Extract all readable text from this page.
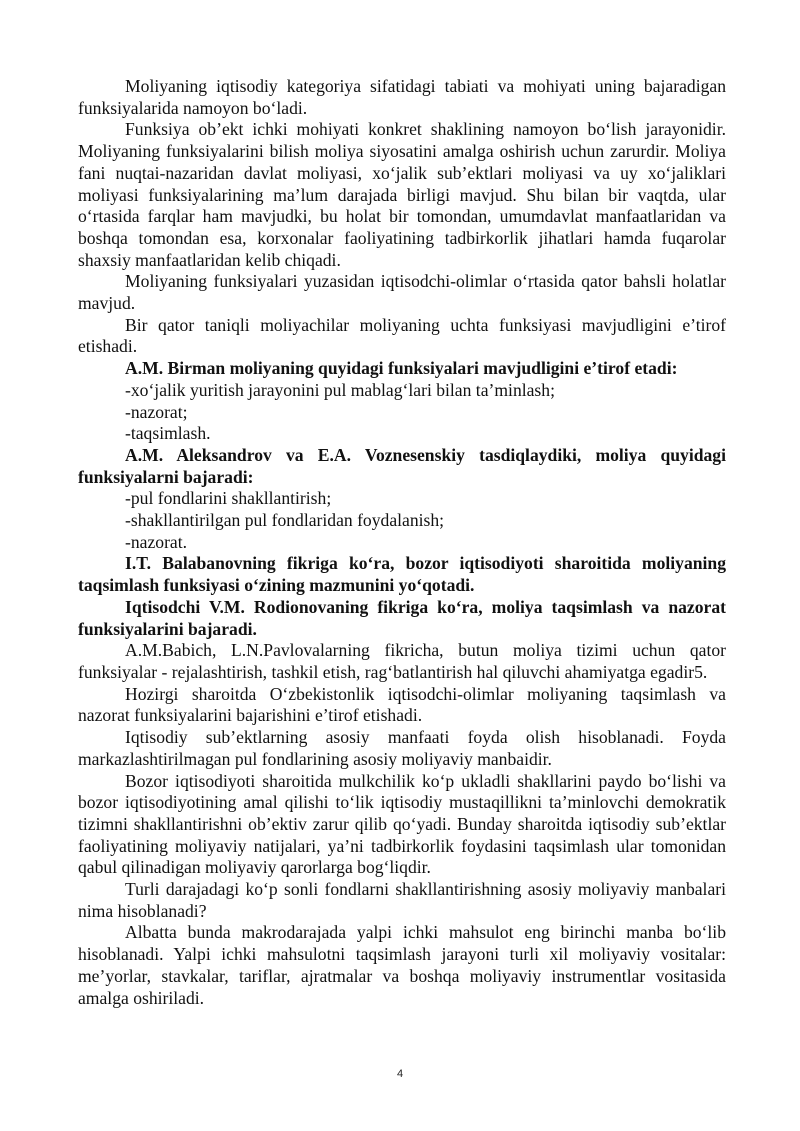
Moliyaning iqtisodiy kategoriya sifatidagi tabiati va mohiyati uning bajaradigan funksiyalarida namoyon bo‘ladi.

Funksiya ob’ekt ichki mohiyati konkret shaklining namoyon bo‘lish jarayonidir. Moliyaning funksiyalarini bilish moliya siyosatini amalga oshirish uchun zarurdir. Moliya fani nuqtai-nazaridan davlat moliyasi, xo‘jalik sub’ektlari moliyasi va uy xo‘jaliklari moliyasi funksiyalarining ma’lum darajada birligi mavjud. Shu bilan bir vaqtda, ular o‘rtasida farqlar ham mavjudki, bu holat bir tomondan, umumdavlat manfaatlaridan va boshqa tomondan esa, korxonalar faoliyatining tadbirkorlik jihatlari hamda fuqarolar shaxsiy manfaatlaridan kelib chiqadi.

Moliyaning funksiyalari yuzasidan iqtisodchi-olimlar o‘rtasida qator bahsli holatlar mavjud.

Bir qator taniqli moliyachilar moliyaning uchta funksiyasi mavjudligini e’tirof etishadi.

A.M. Birman moliyaning quyidagi funksiyalari mavjudligini e’tirof etadi:

-xo‘jalik yuritish jarayonini pul mablag‘lari bilan ta’minlash;

-nazorat;

-taqsimlash.

A.M. Aleksandrov va E.A. Voznesenskiy tasdiqlaydiki, moliya quyidagi funksiyalarni bajaradi:

-pul fondlarini shakllantirish;

-shakllantirilgan pul fondlaridan foydalanish;

-nazorat.

I.T. Balabanovning fikriga ko‘ra, bozor iqtisodiyoti sharoitida moliyaning taqsimlash funksiyasi o‘zining mazmunini yo‘qotadi.

Iqtisodchi V.M. Rodionovaning fikriga ko‘ra, moliya taqsimlash va nazorat funksiyalarini bajaradi.

A.M.Babich, L.N.Pavlovalarning fikricha, butun moliya tizimi uchun qator funksiyalar - rejalashtirish, tashkil etish, rag‘batlantirish hal qiluvchi ahamiyatga egadir5.

Hozirgi sharoitda O‘zbekistonlik iqtisodchi-olimlar moliyaning taqsimlash va nazorat funksiyalarini bajarishini e’tirof etishadi.

Iqtisodiy sub’ektlarning asosiy manfaati foyda olish hisoblanadi. Foyda markazlashtirilmagan pul fondlarining asosiy moliyaviy manbaidir.

Bozor iqtisodiyoti sharoitida mulkchilik ko‘p ukladli shakllarini paydo bo‘lishi va bozor iqtisodiyotining amal qilishi to‘lik iqtisodiy mustaqillikni ta’minlovchi demokratik tizimni shakllantirishni ob’ektiv zarur qilib qo‘yadi. Bunday sharoitda iqtisodiy sub’ektlar faoliyatining moliyaviy natijalari, ya’ni tadbirkorlik foydasini taqsimlash ular tomonidan qabul qilinadigan moliyaviy qarorlarga bog‘liqdir.

Turli darajadagi ko‘p sonli fondlarni shakllantirishning asosiy moliyaviy manbalari nima hisoblanadi?

Albatta bunda makrodarajada yalpi ichki mahsulot eng birinchi manba bo‘lib hisoblanadi. Yalpi ichki mahsulotni taqsimlash jarayoni turli xil moliyaviy vositalar: me’yorlar, stavkalar, tariflar, ajratmalar va boshqa moliyaviy instrumentlar vositasida amalga oshiriladi.

4
